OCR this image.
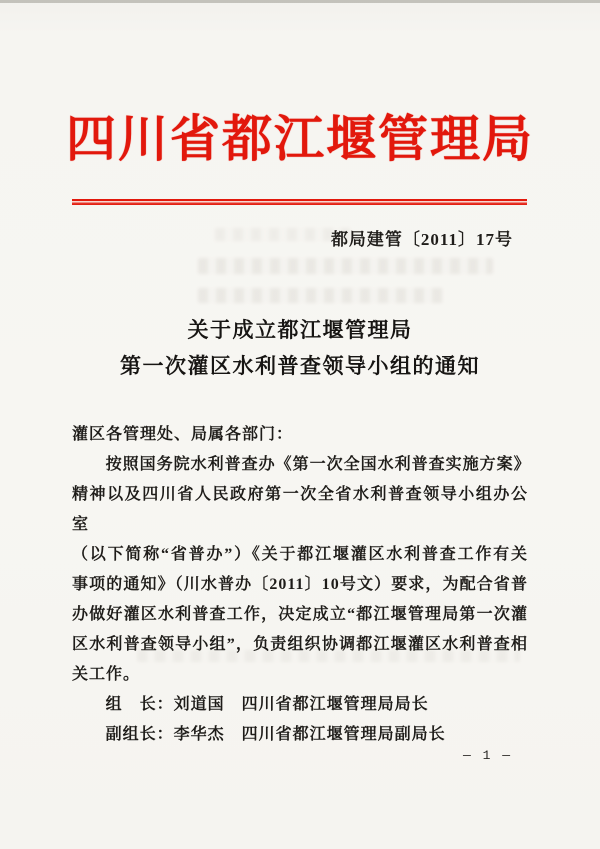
四川省都江堰管理局
都局建管〔2011〕17号
关于成立都江堰管理局
第一次灌区水利普查领导小组的通知
灌区各管理处、局属各部门：
按照国务院水利普查办《第一次全国水利普查实施方案》
精神以及四川省人民政府第一次全省水利普查领导小组办公室
（以下简称“省普办”）《关于都江堰灌区水利普查工作有关
事项的通知》（川水普办〔2011〕10号文）要求，为配合省普
办做好灌区水利普查工作，决定成立“都江堰管理局第一次灌
区水利普查领导小组”，负责组织协调都江堰灌区水利普查相
关工作。
组　长：刘道国　四川省都江堰管理局局长
副组长：李华杰　四川省都江堰管理局副局长
— 1 —
